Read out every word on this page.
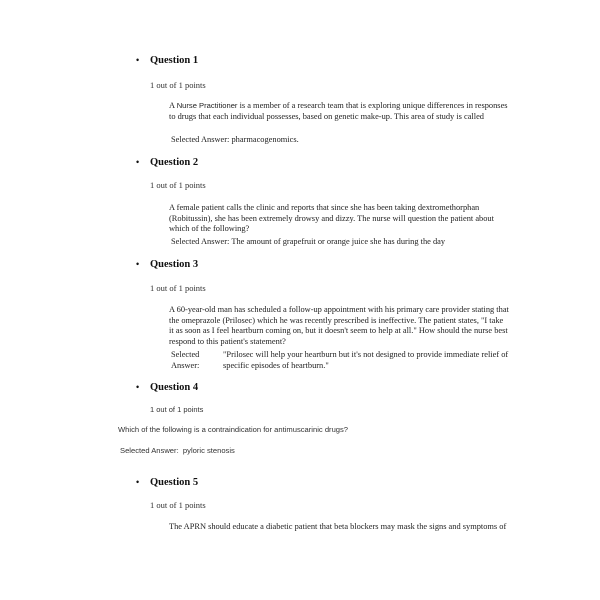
• Question 1
1 out of 1 points
A Nurse Practitioner is a member of a research team that is exploring unique differences in responses to drugs that each individual possesses, based on genetic make-up. This area of study is called
Selected Answer: pharmacogenomics.
• Question 2
1 out of 1 points
A female patient calls the clinic and reports that since she has been taking dextromethorphan (Robitussin), she has been extremely drowsy and dizzy. The nurse will question the patient about which of the following?
Selected Answer: The amount of grapefruit or orange juice she has during the day
• Question 3
1 out of 1 points
A 60-year-old man has scheduled a follow-up appointment with his primary care provider stating that the omeprazole (Prilosec) which he was recently prescribed is ineffective. The patient states, "I take it as soon as I feel heartburn coming on, but it doesn't seem to help at all." How should the nurse best respond to this patient's statement?
Selected
Answer:
"Prilosec will help your heartburn but it's not designed to provide immediate relief of specific episodes of heartburn."
• Question 4
1 out of 1 points
Which of the following is a contraindication for antimuscarinic drugs?
Selected Answer: pyloric stenosis
• Question 5
1 out of 1 points
The APRN should educate a diabetic patient that beta blockers may mask the signs and symptoms of
